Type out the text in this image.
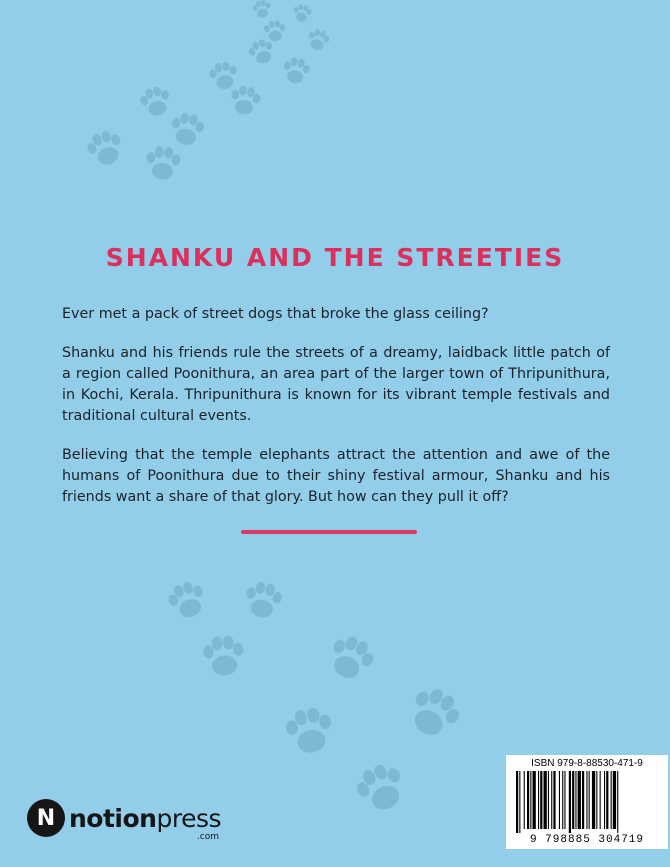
SHANKU AND THE STREETIES

Ever met a pack of street dogs that broke the glass ceiling?

Shanku and his friends rule the streets of a dreamy, laidback little patch of a region called Poonithura, an area part of the larger town of Thripunithura, in Kochi, Kerala. Thripunithura is known for its vibrant temple festivals and traditional cultural events.

Believing that the temple elephants attract the attention and awe of the humans of Poonithura due to their shiny festival armour, Shanku and his friends want a share of that glory. But how can they pull it off?

N notionpress
.com
ISBN 979-8-88530-471-9
9 798885 304719
